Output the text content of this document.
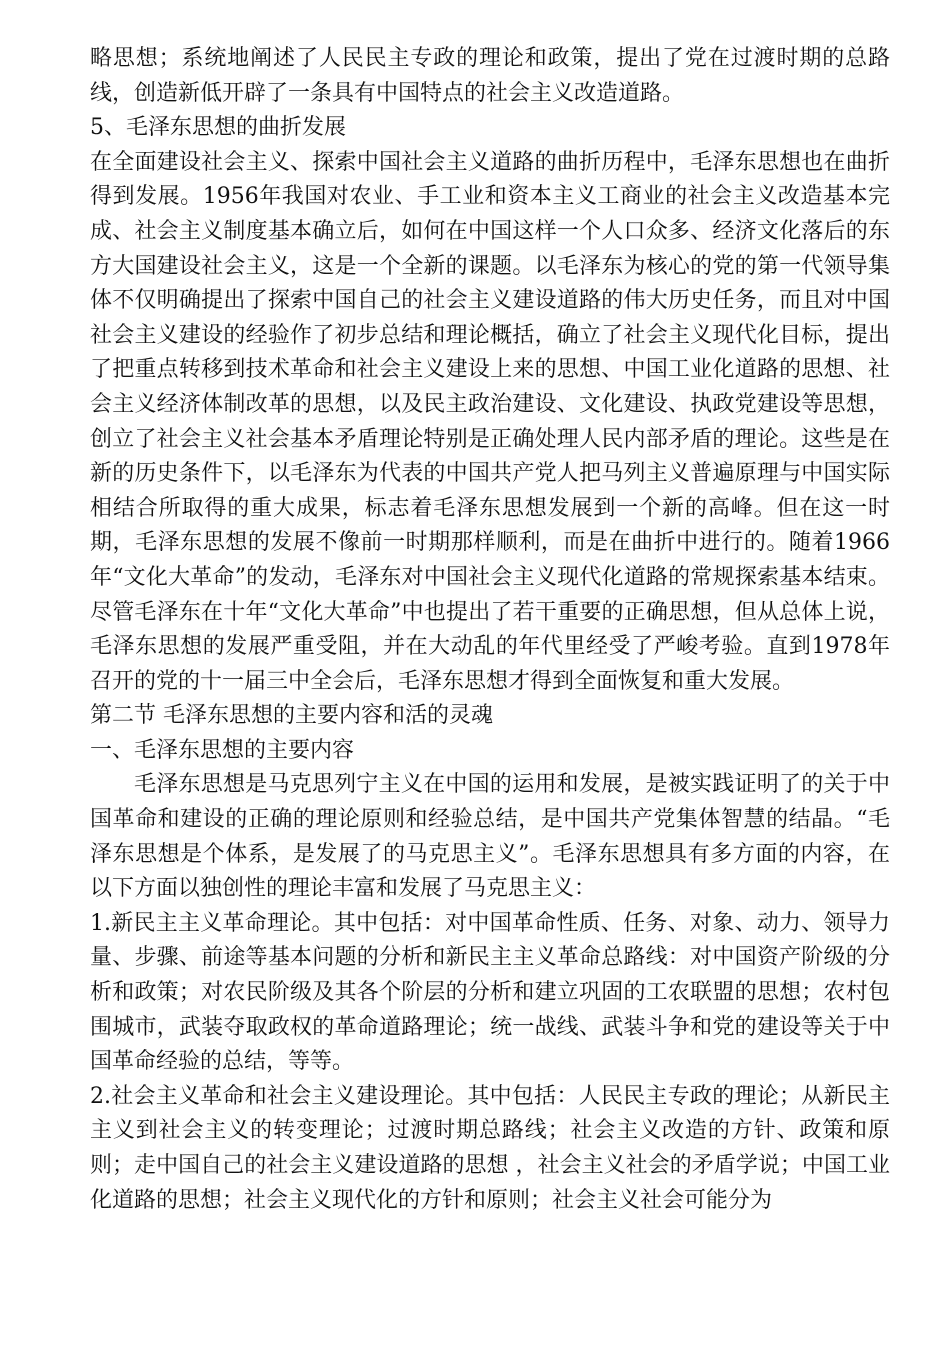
略思想；系统地阐述了人民民主专政的理论和政策，提出了党在过渡时期的总路线，创造新低开辟了一条具有中国特点的社会主义改造道路。

5、毛泽东思想的曲折发展

在全面建设社会主义、探索中国社会主义道路的曲折历程中，毛泽东思想也在曲折得到发展。1956年我国对农业、手工业和资本主义工商业的社会主义改造基本完成、社会主义制度基本确立后，如何在中国这样一个人口众多、经济文化落后的东方大国建设社会主义，这是一个全新的课题。以毛泽东为核心的党的第一代领导集体不仅明确提出了探索中国自己的社会主义建设道路的伟大历史任务，而且对中国社会主义建设的经验作了初步总结和理论概括，确立了社会主义现代化目标，提出了把重点转移到技术革命和社会主义建设上来的思想、中国工业化道路的思想、社会主义经济体制改革的思想，以及民主政治建设、文化建设、执政党建设等思想，创立了社会主义社会基本矛盾理论特别是正确处理人民内部矛盾的理论。这些是在新的历史条件下，以毛泽东为代表的中国共产党人把马列主义普遍原理与中国实际相结合所取得的重大成果，标志着毛泽东思想发展到一个新的高峰。但在这一时期，毛泽东思想的发展不像前一时期那样顺利，而是在曲折中进行的。随着1966年“文化大革命”的发动，毛泽东对中国社会主义现代化道路的常规探索基本结束。尽管毛泽东在十年“文化大革命”中也提出了若干重要的正确思想，但从总体上说，毛泽东思想的发展严重受阻，并在大动乱的年代里经受了严峻考验。直到1978年召开的党的十一届三中全会后，毛泽东思想才得到全面恢复和重大发展。

第二节 毛泽东思想的主要内容和活的灵魂

一、毛泽东思想的主要内容

毛泽东思想是马克思列宁主义在中国的运用和发展，是被实践证明了的关于中国革命和建设的正确的理论原则和经验总结，是中国共产党集体智慧的结晶。“毛泽东思想是个体系，是发展了的马克思主义”。毛泽东思想具有多方面的内容，在以下方面以独创性的理论丰富和发展了马克思主义：

1.新民主主义革命理论。其中包括：对中国革命性质、任务、对象、动力、领导力量、步骤、前途等基本问题的分析和新民主主义革命总路线：对中国资产阶级的分析和政策；对农民阶级及其各个阶层的分析和建立巩固的工农联盟的思想；农村包围城市，武装夺取政权的革命道路理论；统一战线、武装斗争和党的建设等关于中国革命经验的总结，等等。

2.社会主义革命和社会主义建设理论。其中包括：人民民主专政的理论；从新民主主义到社会主义的转变理论；过渡时期总路线；社会主义改造的方针、政策和原则；走中国自己的社会主义建设道路的思想 ，社会主义社会的矛盾学说；中国工业化道路的思想；社会主义现代化的方针和原则；社会主义社会可能分为
